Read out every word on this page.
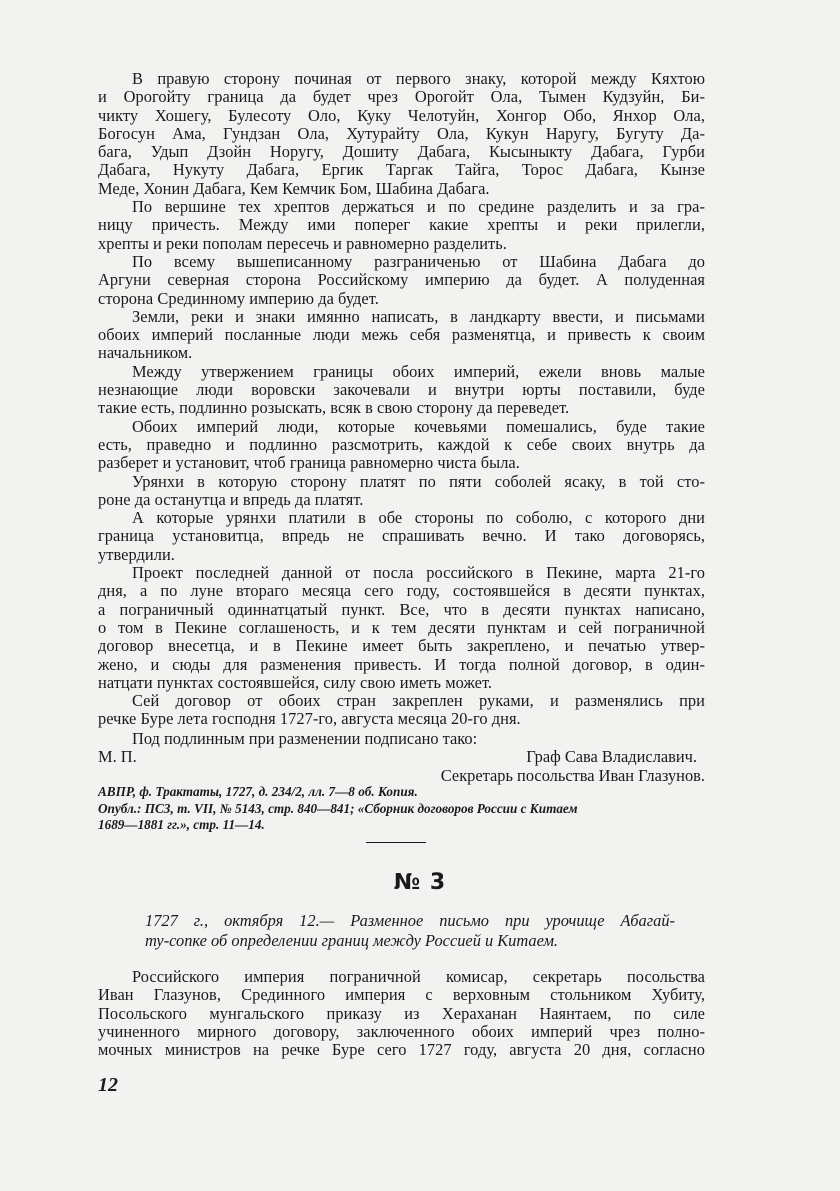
В правую сторону починая от первого знаку, которой между Кяхтою

и Орогойту граница да будет чрез Орогойт Ола, Тымен Кудзуйн, Би-

чикту Хошегу, Булесоту Оло, Куку Челотуйн, Хонгор Обо, Янхор Ола,

Богосун Ама, Гундзан Ола, Хутурайту Ола, Кукун Наругу, Бугуту Да-

бага, Удып Дзойн Норугу, Дошиту Дабага, Кысыныкту Дабага, Гурби

Дабага, Нукуту Дабага, Ергик Таргак Тайга, Торос Дабага, Кынзе

Меде, Хонин Дабага, Кем Кемчик Бом, Шабина Дабага.

По вершине тех хрептов держаться и по средине разделить и за гра-

ницу причесть. Между ими поперег какие хрепты и реки прилегли,

хрепты и реки пополам пересечь и равномерно разделить.

По всему вышеписанному разграниченью от Шабина Дабага до

Аргуни северная сторона Российскому империю да будет. А полуденная

сторона Срединному империю да будет.

Земли, реки и знаки имянно написать, в ландкарту ввести, и письмами

обоих империй посланные люди межь себя разменятца, и привесть к своим

начальником.

Между утвержением границы обоих империй, ежели вновь малые

незнающие люди воровски закочевали и внутри юрты поставили, буде

такие есть, подлинно розыскать, всяк в свою сторону да переведет.

Обоих империй люди, которые кочевьями помешались, буде такие

есть, праведно и подлинно разсмотрить, каждой к себе своих внутрь да

разберет и установит, чтоб граница равномерно чиста была.

Урянхи в которую сторону платят по пяти соболей ясаку, в той сто-

роне да останутца и впредь да платят.

А которые урянхи платили в обе стороны по соболю, с которого дни

граница установитца, впредь не спрашивать вечно. И тако договорясь,

утвердили.

Проект последней данной от посла российского в Пекине, марта 21-го

дня, а по луне втораго месяца сего году, состоявшейся в десяти пунктах,

а пограничный одиннатцатый пункт. Все, что в десяти пунктах написано,

о том в Пекине соглашеность, и к тем десяти пунктам и сей пограничной

договор внесетца, и в Пекине имеет быть закреплено, и печатью утвер-

жено, и сюды для разменения привесть. И тогда полной договор, в один-

натцати пунктах состоявшейся, силу свою иметь может.

Сей договор от обоих стран закреплен руками, и разменялись при

речке Буре лета господня 1727-го, августа месяца 20-го дня.

Под подлинным при разменении подписано тако:
М. П.	Граф Сава Владиславич.
Секретарь посольства Иван Глазунов.

АВПР, ф. Трактаты, 1727, д. 234/2, лл. 7—8 об. Копия.

Опубл.: ПСЗ, т. VII, № 5143, стр. 840—841; «Сборник договоров России с Китаем

1689—1881 гг.», стр. 11—14.

№ 3

1727 г., октября 12.— Разменное письмо при урочище Абагай-

ту-сопке об определении границ между Россией и Китаем.

Российского империя пограничной комисар, секретарь посольства

Иван Глазунов, Срединного империя с верховным стольником Хубиту,

Посольского мунгальского приказу из Хераханан Наянтаем, по силе

учиненного мирного договору, заключенного обоих империй чрез полно-

мочных министров на речке Буре сего 1727 году, августа 20 дня, согласно

12
